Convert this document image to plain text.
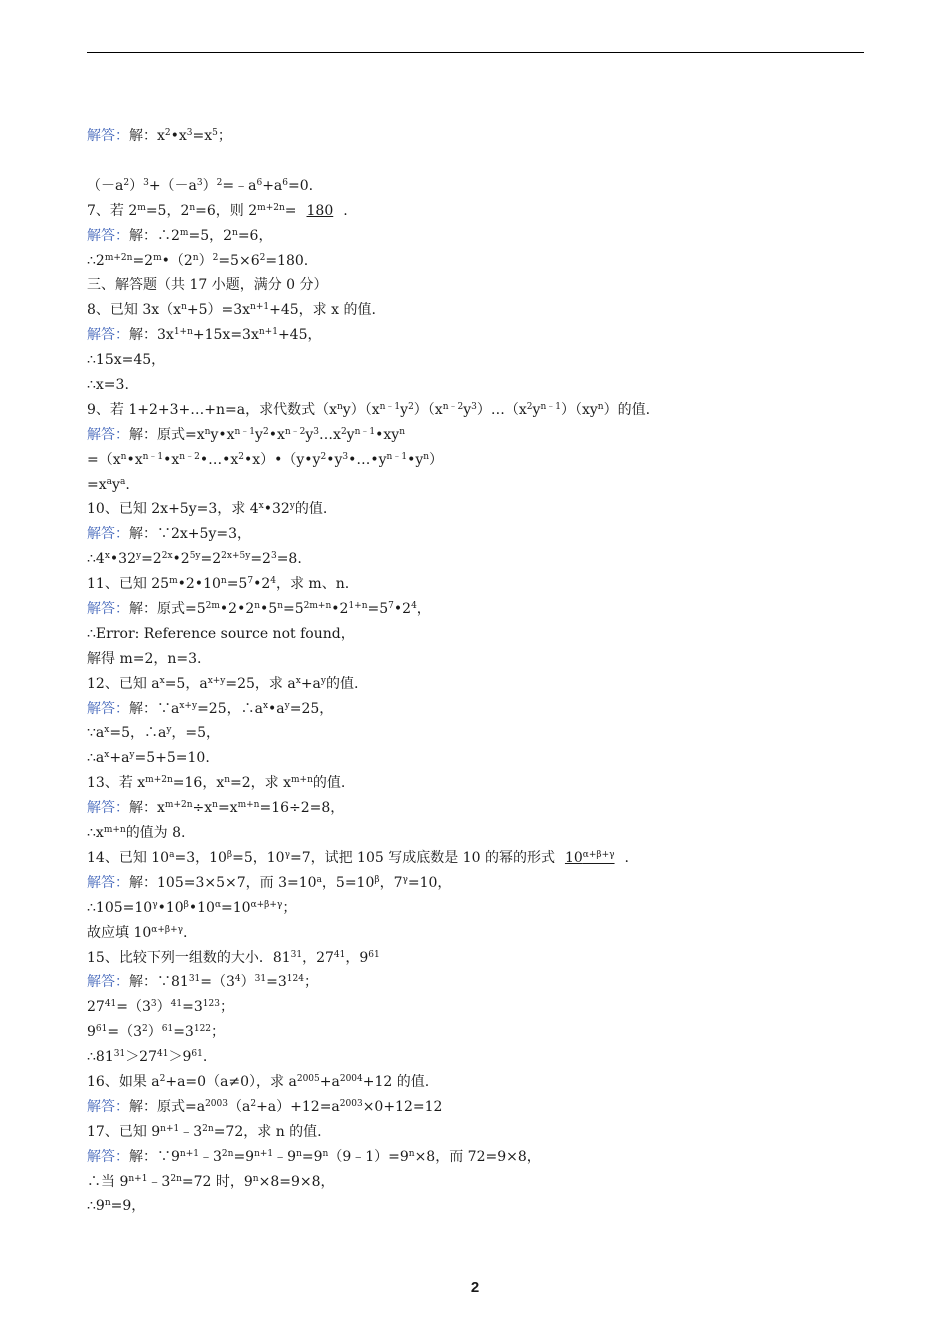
解答：解：$x^2•x^3=x^5$；
$(-a^2)^3+(-a^3)^2=﹣a^6+a^6=0$.
7、若 $2^m=5$，$2^n=6$，则 $2^{m+2n}= 180$ .
解答：解：$\therefore 2^m=5$，$2^n=6$，
$\therefore 2^{m+2n}=2^m•(2^n)^2=5\times 6^2=180$.
三、解答题（共 17 小题，满分 0 分）
8、已知 $3x(x^n+5)=3x^{n+1}+45$，求 x 的值.
解答：解：$3x^{1+n}+15x=3x^{n+1}+45$，
∴15x=45，
∴x=3.
9、若 1+2+3+…+n=a，求代数式$(x^ny)(x^{n﹣1}y^2)(x^{n﹣2}y^3)\dots(x^2y^{n﹣1})(xy^n)$的值.
解答：解：原式$=x^ny•x^{n﹣1}y^2•x^{n﹣2}y^3\dots x^2y^{n﹣1}•xy^n$
$=(x^n•x^{n﹣1}•x^{n﹣2}•\dots•x^2•x)•(y•y^2•y^3•\dots•y^{n﹣1}•y^n)$
$=x^ay^a$.
10、已知 2x+5y=3，求 4$^x$•32$^y$的值.
解答：解：∵2x+5y=3，
$\therefore 4^x•32^y=2^{2x}•2^{5y}=2^{2x+5y}=2^3=8$.
11、已知 $25^m•2•10^n=5^7•2^4$，求 m、n.
解答：解：原式$=5^{2m}•2•2^n•5^n=5^{2m+n}•2^{1+n}=5^7•2^4$，
∴Error: Reference source not found，
解得 m=2，n=3.
12、已知 $a^x=5$，$a^{x+y}=25$，求 $a^x+a^y$的值.
解答：解：$\because a^{x+y}=25$，$\therefore a^x•a^y=25$，
$\because a^x=5$，$\therefore a^y$，=5，
$\therefore a^x+a^y=5+5=10$.
13、若 $x^{m+2n}=16$，$x^n=2$，求 $x^{m+n}$的值.
解答：解：$x^{m+2n}\div x^n=x^{m+n}=16\div 2=8$，
$\therefore x^{m+n}$的值为 8.
14、已知 $10^a=3$，$10^\beta=5$，$10^\gamma=7$，试把 105 写成底数是 10 的幂的形式 $10^{\alpha+\beta+\gamma}$ .
解答：解：105=3×5×7，而 $3=10^a$，$5=10^\beta$，$7^\gamma=10$，
$\therefore 105=10^\gamma•10^\beta•10^\alpha=10^{\alpha+\beta+\gamma}$；
故应填 $10^{\alpha+\beta+\gamma}$.
15、比较下列一组数的大小．$81^{31}$，$27^{41}$，$9^{61}$
解答：解：$\because 81^{31}=(3^4)^{31}=3^{124}$；
$27^{41}=(3^3)^{41}=3^{123}$；
$9^{61}=(3^2)^{61}=3^{122}$；
$\therefore 81^{31}>27^{41}>9^{61}$.
16、如果 $a^2+a=0(a\ne 0)$，求 $a^{2005}+a^{2004}+12$ 的值.
解答：解：原式$=a^{2003}(a^2+a)+12=a^{2003}\times 0+12=12$
17、已知 $9^{n+1}﹣3^{2n}=72$，求 n 的值.
解答：解：$\because 9^{n+1}﹣3^{2n}=9^{n+1}﹣9^n=9^n(9﹣1)=9^n\times 8$，而 72=9×8，
∴当 $9^{n+1}﹣3^{2n}=72$ 时，$9^n\times 8=9\times 8$，
$\therefore 9^n=9$，
2
